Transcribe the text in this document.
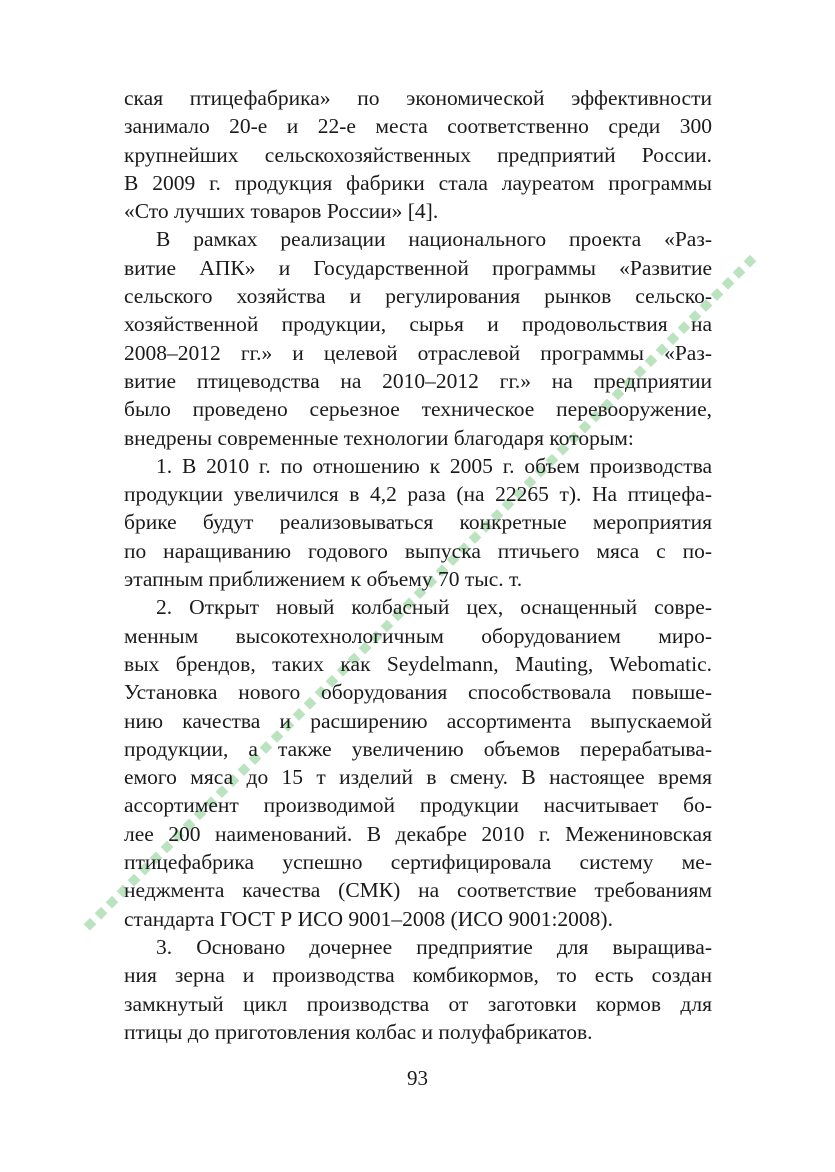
ская птицефабрика» по экономической эффективности
занимало 20-е и 22-е места соответственно среди 300
крупнейших сельскохозяйственных предприятий России.
В 2009 г. продукция фабрики стала лауреатом программы
«Сто лучших товаров России» [4].
В рамках реализации национального проекта «Раз-
витие АПК» и Государственной программы «Развитие
сельского хозяйства и регулирования рынков сельско-
хозяйственной продукции, сырья и продовольствия на
2008–2012 гг.» и целевой отраслевой программы «Раз-
витие птицеводства на 2010–2012 гг.» на предприятии
было проведено серьезное техническое перевооружение,
внедрены современные технологии благодаря которым:
1. В 2010 г. по отношению к 2005 г. объем производства
продукции увеличился в 4,2 раза (на 22265 т). На птицефа-
брике будут реализовываться конкретные мероприятия
по наращиванию годового выпуска птичьего мяса с по-
этапным приближением к объему 70 тыс. т.
2. Открыт новый колбасный цех, оснащенный совре-
менным высокотехнологичным оборудованием миро-
вых брендов, таких как Seydelmann, Mauting, Webomatic.
Установка нового оборудования способствовала повыше-
нию качества и расширению ассортимента выпускаемой
продукции, а также увеличению объемов перерабатыва-
емого мяса до 15 т изделий в смену. В настоящее время
ассортимент производимой продукции насчитывает бо-
лее 200 наименований. В декабре 2010 г. Межениновская
птицефабрика успешно сертифицировала систему ме-
неджмента качества (СМК) на соответствие требованиям
стандарта ГОСТ Р ИСО 9001–2008 (ИСО 9001:2008).
3. Основано дочернее предприятие для выращива-
ния зерна и производства комбикормов, то есть создан
замкнутый цикл производства от заготовки кормов для
птицы до приготовления колбас и полуфабрикатов.
93
